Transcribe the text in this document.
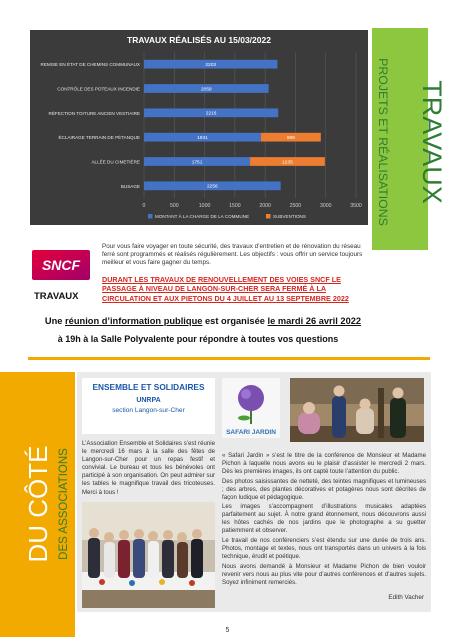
TRAVAUX RÉALISÉS AU 15/03/2022
0	500	1000	1500	2000	2500	3000	3500
REMISE EN ÉTAT DE CHEMINS COMMUNAUX	2203
CONTRÔLE DES POTEAUX INCENDIE	2058
RÉFECTION TOITURE ANCIEN VESTIAIRE	2216
ÉCLAIRAGE TERRAIN DE PÉTANQUE	1931	988
ALLÉE DU CIMETIÈRE	1751	1235
BUSAGE	2256
MONTANT À LA CHARGE DE LA COMMUNE	SUBVENTIONS
TRAVAUX
PROJETS ET RÉALISATIONS
SNCF
TRAVAUX
Pour vous faire voyager en toute sécurité, des travaux d’entretien et de rénovation du réseau ferré sont programmés et réalisés régulièrement. Les objectifs : vous offrir un service toujours meilleur et vous faire gagner du temps.
DURANT LES TRAVAUX DE RENOUVELLEMENT DES VOIES SNCF LE PASSAGE À NIVEAU DE LANGON-SUR-CHER SERA FERMÉ À LA CIRCULATION ET AUX PIETONS DU 4 JUILLET AU 13 SEPTEMBRE 2022
Une réunion d’information publique est organisée le mardi 26 avril 2022
à 19h à la Salle Polyvalente pour répondre à toutes vos questions
DU CÔTÉ DES ASSOCIATIONS
ENSEMBLE ET SOLIDAIRES
UNRPA
section Langon-sur-Cher
L’Association Ensemble et Solidaires s’est réunie le mercredi 16 mars à la salle des fêtes de Langon-sur-Cher pour un repas festif et convivial. Le bureau et tous les bénévoles ont participé à son organisation. On peut admirer sur les tables le magnifique travail des tricoteuses. Merci à tous !
SAFARI JARDIN

« Safari Jardin » s’est le titre de la conférence de Monsieur et Madame Pichon à laquelle nous avons eu le plaisir d’assister le mercredi 2 mars. Dès les premières images, ils ont capté toute l’attention du public.

Des photos saisissantes de netteté, des teintes magnifiques et lumineuses ; des arbres, des plantes décoratives et potagères nous sont décrites de façon ludique et pédagogique.

Les images s’accompagnent d’illustrations musicales adaptées parfaitement au sujet. À notre grand étonnement, nous découvrons aussi les hôtes cachés de nos jardins que le photographe a su guetter patiemment et observer.

Le travail de nos conférenciers s’est étendu sur une durée de trois ans. Photos, montage et textes, nous ont transportés dans un univers à la fois technique, érudit et poétique.

Nous avons demandé à Monsieur et Madame Pichon de bien vouloir revenir vers nous au plus vite pour d’autres conférences et d’autres sujets. Soyez infiniment remerciés.

Edith Vacher
5
